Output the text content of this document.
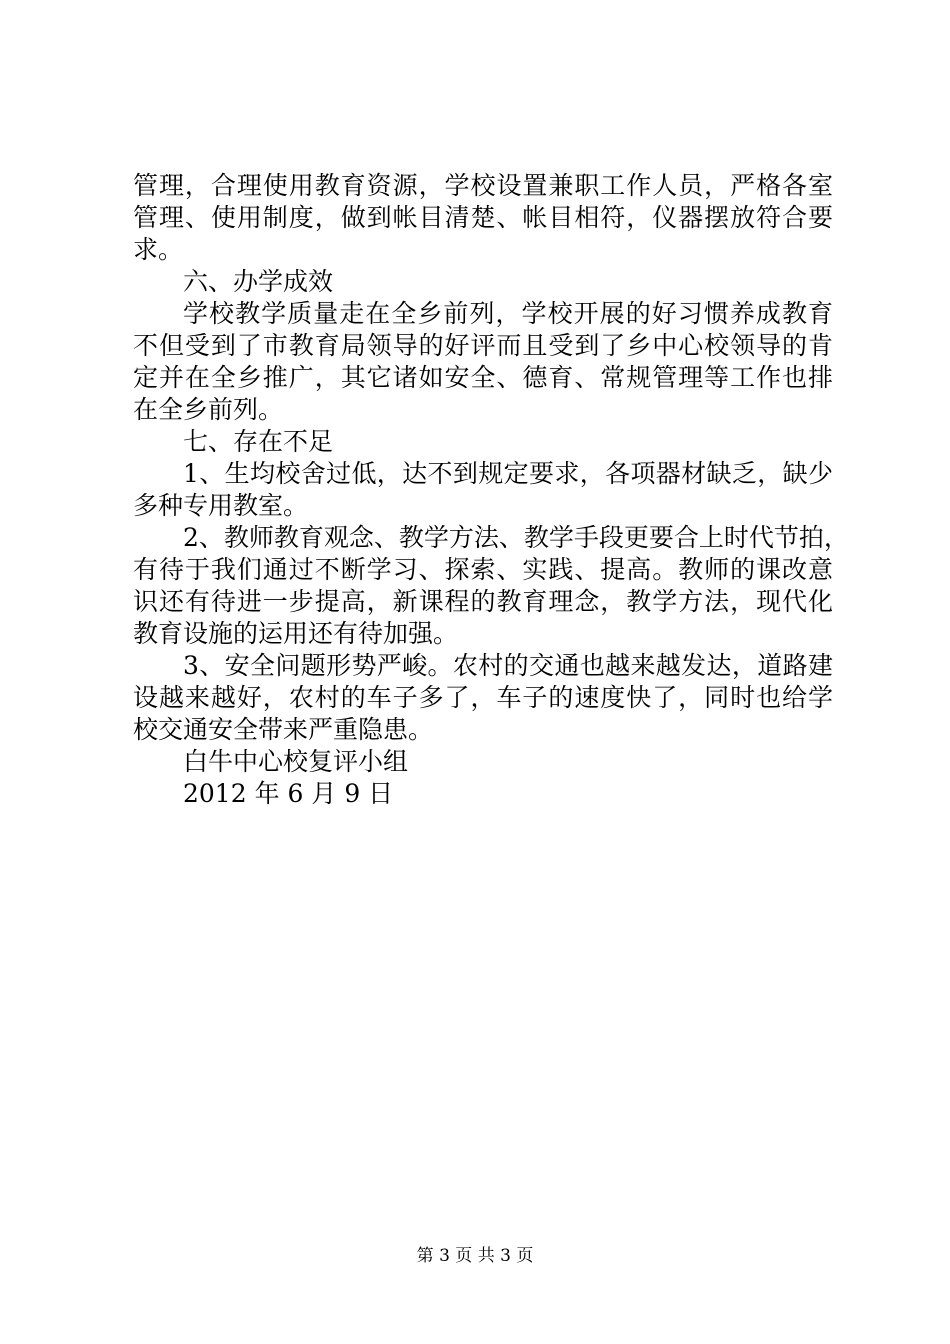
管理，合理使用教育资源，学校设置兼职工作人员，严格各室
管理、使用制度，做到帐目清楚、帐目相符，仪器摆放符合要
求。
六、办学成效
学校教学质量走在全乡前列，学校开展的好习惯养成教育
不但受到了市教育局领导的好评而且受到了乡中心校领导的肯
定并在全乡推广，其它诸如安全、德育、常规管理等工作也排
在全乡前列。
七、存在不足
1、生均校舍过低，达不到规定要求，各项器材缺乏，缺少
多种专用教室。
2、教师教育观念、教学方法、教学手段更要合上时代节拍，
有待于我们通过不断学习、探索、实践、提高。教师的课改意
识还有待进一步提高，新课程的教育理念，教学方法，现代化
教育设施的运用还有待加强。
3、安全问题形势严峻。农村的交通也越来越发达，道路建
设越来越好，农村的车子多了，车子的速度快了，同时也给学
校交通安全带来严重隐患。
白牛中心校复评小组
2012 年 6 月 9 日
第 3 页 共 3 页
